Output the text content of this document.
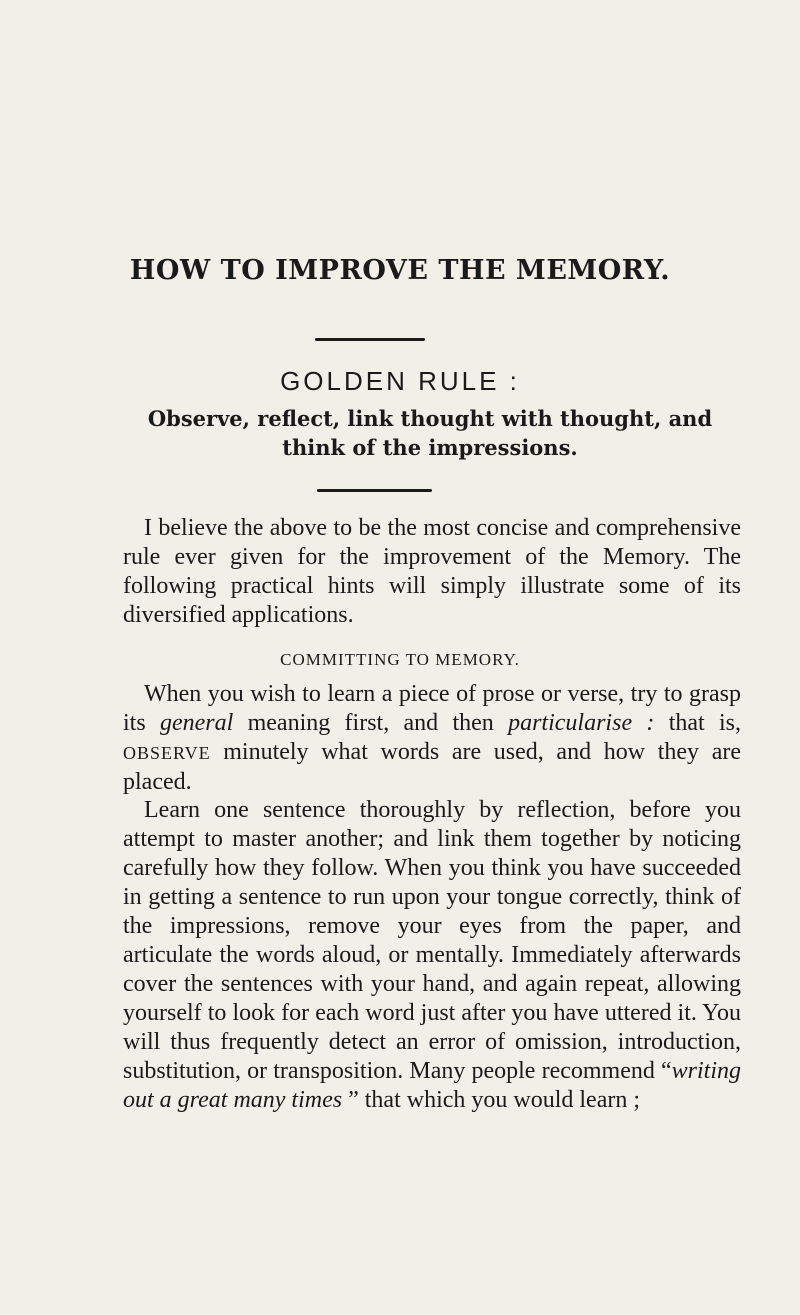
HOW TO IMPROVE THE MEMORY.
GOLDEN RULE :
Observe, reflect, link thought with thought, and think of the impressions.

I believe the above to be the most concise and comprehensive rule ever given for the improvement of the Memory. The following practical hints will simply illustrate some of its diversified applications.

COMMITTING TO MEMORY.

When you wish to learn a piece of prose or verse, try to grasp its general meaning first, and then particularise : that is, OBSERVE minutely what words are used, and how they are placed.

Learn one sentence thoroughly by reflection, before you attempt to master another; and link them together by noticing carefully how they follow. When you think you have succeeded in getting a sentence to run upon your tongue correctly, think of the impressions, remove your eyes from the paper, and articulate the words aloud, or mentally. Immediately afterwards cover the sentences with your hand, and again repeat, allowing yourself to look for each word just after you have uttered it. You will thus frequently detect an error of omission, introduction, substitution, or transposition. Many people recommend “writing out a great many times ” that which you would learn ;
